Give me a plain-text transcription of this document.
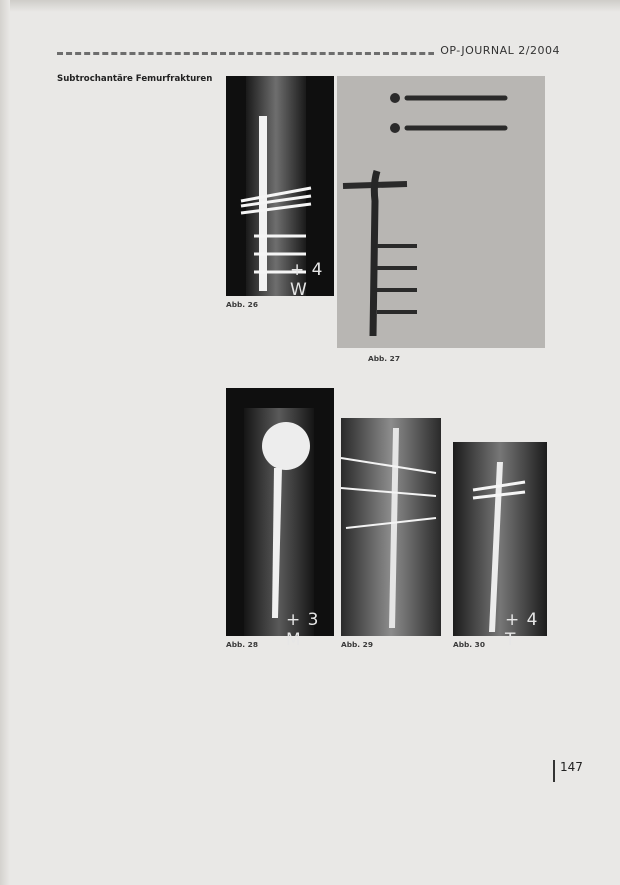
OP-JOURNAL 2/2004

Subtrochantäre Femurfrakturen

+ 4 W
Abb. 26

Abb. 27

+ 3 M
Abb. 28

	Abb. 29

+ 4 T
Abb. 30

147
